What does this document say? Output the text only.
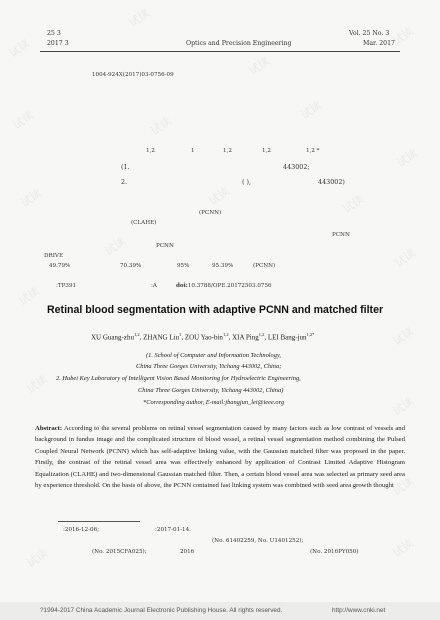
25 3
2017 3	Optics and Precision Engineering
Vol. 25 No. 3
Mar. 2017
1004-924X(2017)03-0756-09
1,2	1	1,2	1,2	1,2 *
(1.	443002;
2.	( ),	443002)
(PCNN)
(CLAHE)
PCNN
PCNN
DRIVE
49.79%	70.39%	95%	95.39%	(PCNN)
:TP391	:A	doi:10.3788/OPE.20172503.0756
Retinal blood segmentation with adaptive PCNN and matched filter
XU Guang-zhu$^{1,2}$, ZHANG Liu$^1$, ZOU Yao-bin$^{1,2}$, XIA Ping$^{1,2}$, LEI Bang-jun$^{1,2*}$
(1. School of Computer and Information Technology,
China Three Gorges University, Yichang 443002, China;
2. Hubei Key Laboratory of Intelligent Vision Based Monitoring for Hydroelectric Engineering,
China Three Gorges University, Yichang 443002, China)
*Corresponding author, E-mail:jbangjun_lei@ieee.org
Abstract: According to the several problems on retinal vessel segmentation caused by many factors such as low contrast of vessels and background in fundus image and the complicated structure of blood vessel, a retinal vessel segmentation method combining the Pulsed Coupled Neural Network (PCNN) which has self-adaptive linking value, with the Gaussian matched filter was proposed in the paper. Firstly, the contrast of the retinal vessel area was effectively enhanced by application of Contrast Limited Adaptive Histogram Equalization (CLAHE) and two-dimensional Gaussian matched filter. Then, a certain blood vessel area was selected as primary seed area by experience threshold. On the basis of above, the PCNN contained fast linking system was combined with seed area growth thought
:2016-12-06;	:2017-01-14.
(No. 61402259, No. U1401252);
(No. 2015CFA025);	2016	(No. 2016PY050)
?1994-2017 China Academic Journal Electronic Publishing House. All rights reserved.	http://www.cnki.net
试读
试读
试读
试读
试读	试读
试读
试读
试读	试读	试读
试读
试读
试读
试读
试读
试读
试读
试读
试读	试读
